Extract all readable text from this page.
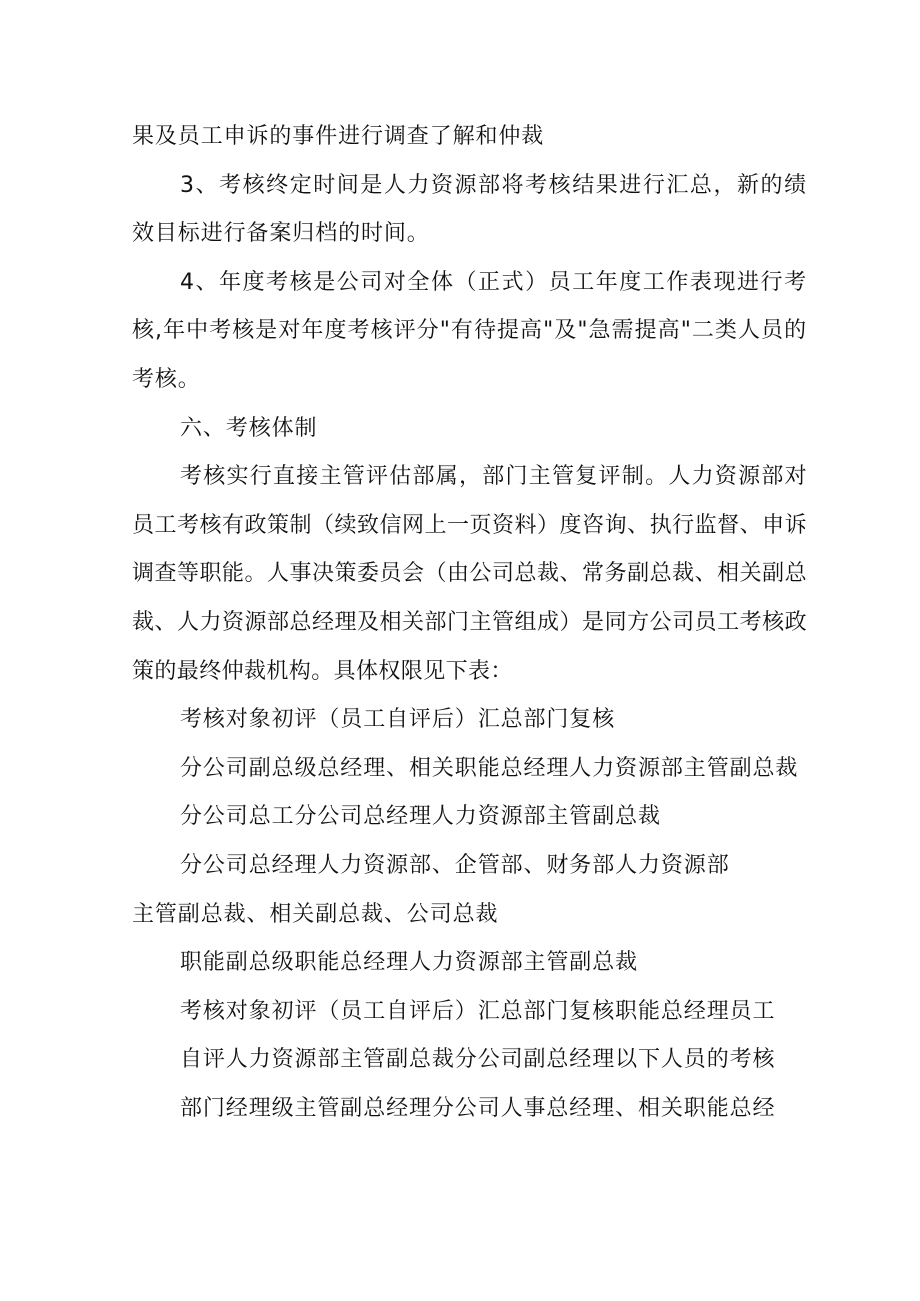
果及员工申诉的事件进行调查了解和仲裁

3、考核终定时间是人力资源部将考核结果进行汇总，新的绩效目标进行备案归档的时间。

4、年度考核是公司对全体（正式）员工年度工作表现进行考核,年中考核是对年度考核评分"有待提高"及"急需提高"二类人员的考核。

六、考核体制

考核实行直接主管评估部属，部门主管复评制。人力资源部对员工考核有政策制（续致信网上一页资料）度咨询、执行监督、申诉调查等职能。人事决策委员会（由公司总裁、常务副总裁、相关副总裁、人力资源部总经理及相关部门主管组成）是同方公司员工考核政策的最终仲裁机构。具体权限见下表：

考核对象初评（员工自评后）汇总部门复核

分公司副总级总经理、相关职能总经理人力资源部主管副总裁

分公司总工分公司总经理人力资源部主管副总裁

分公司总经理人力资源部、企管部、财务部人力资源部

主管副总裁、相关副总裁、公司总裁

职能副总级职能总经理人力资源部主管副总裁

考核对象初评（员工自评后）汇总部门复核职能总经理员工

自评人力资源部主管副总裁分公司副总经理以下人员的考核

部门经理级主管副总经理分公司人事总经理、相关职能总经
